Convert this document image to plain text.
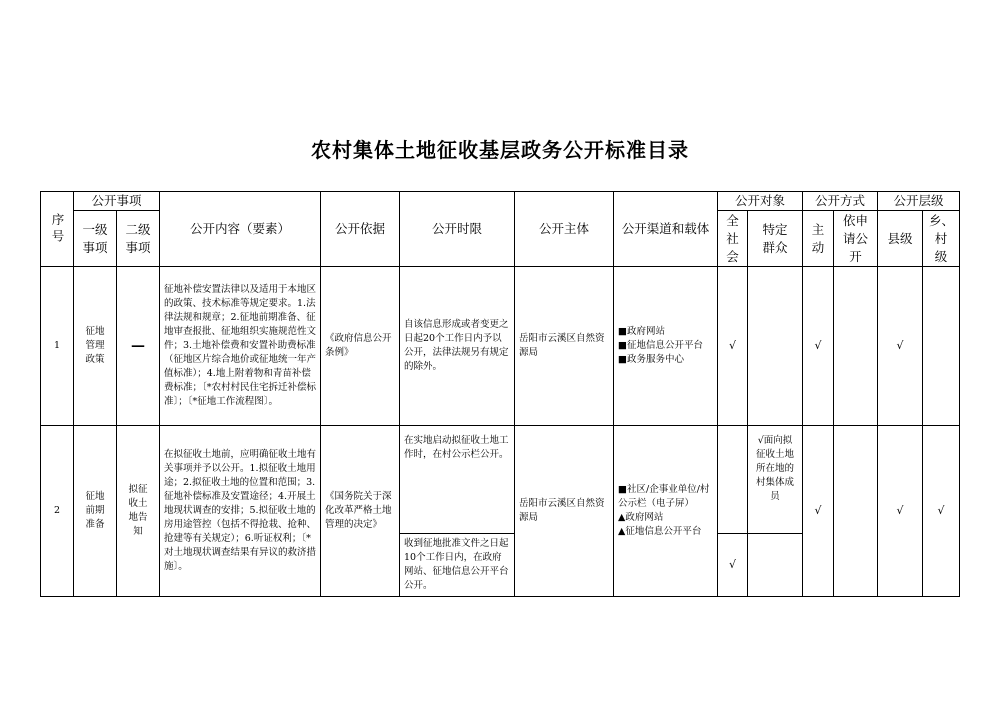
农村集体土地征收基层政务公开标准目录
序号	公开事项		公开内容（要素）	公开依据	公开时限	公开主体	公开渠道和载体	公开对象		公开方式		公开层级	
	一级事项	二级事项						全社会	特定群众	主动	依申请公开	县级	乡、村级
1	征地管理政策	—	征地补偿安置法律以及适用于本地区的政策、技术标准等规定要求。1.法律法规和规章；2.征地前期准备、征地审查报批、征地组织实施规范性文件；3.土地补偿费和安置补助费标准（征地区片综合地价或征地统一年产值标准）；4.地上附着物和青苗补偿费标准；〔*农村村民住宅拆迁补偿标准〕；〔*征地工作流程图〕。	《政府信息公开条例》	自该信息形成或者变更之日起20个工作日内予以公开，法律法规另有规定的除外。	岳阳市云溪区自然资源局	■政府网站
■征地信息公开平台
■政务服务中心	√		√		√	
2	征地前期准备	拟征收土地告知	在拟征收土地前，应明确征收土地有关事项并予以公开。1.拟征收土地用途；2.拟征收土地的位置和范围；3.征地补偿标准及安置途径；4.开展土地现状调查的安排；5.拟征收土地的房用途管控（包括不得抢栽、抢种、抢建等有关规定）；6.听证权利；〔*对土地现状调查结果有异议的救济措施〕。	《国务院关于深化改革严格土地管理的决定》	在实地启动拟征收土地工作时，在村公示栏公开。	岳阳市云溪区自然资源局	■社区/企事业单位/村公示栏（电子屏）
▲政府网站
▲征地信息公开平台		√面向拟征收土地所在地的村集体成员	√		√	√
					收到征地批准文件之日起10个工作日内，在政府网站、征地信息公开平台公开。			√					
